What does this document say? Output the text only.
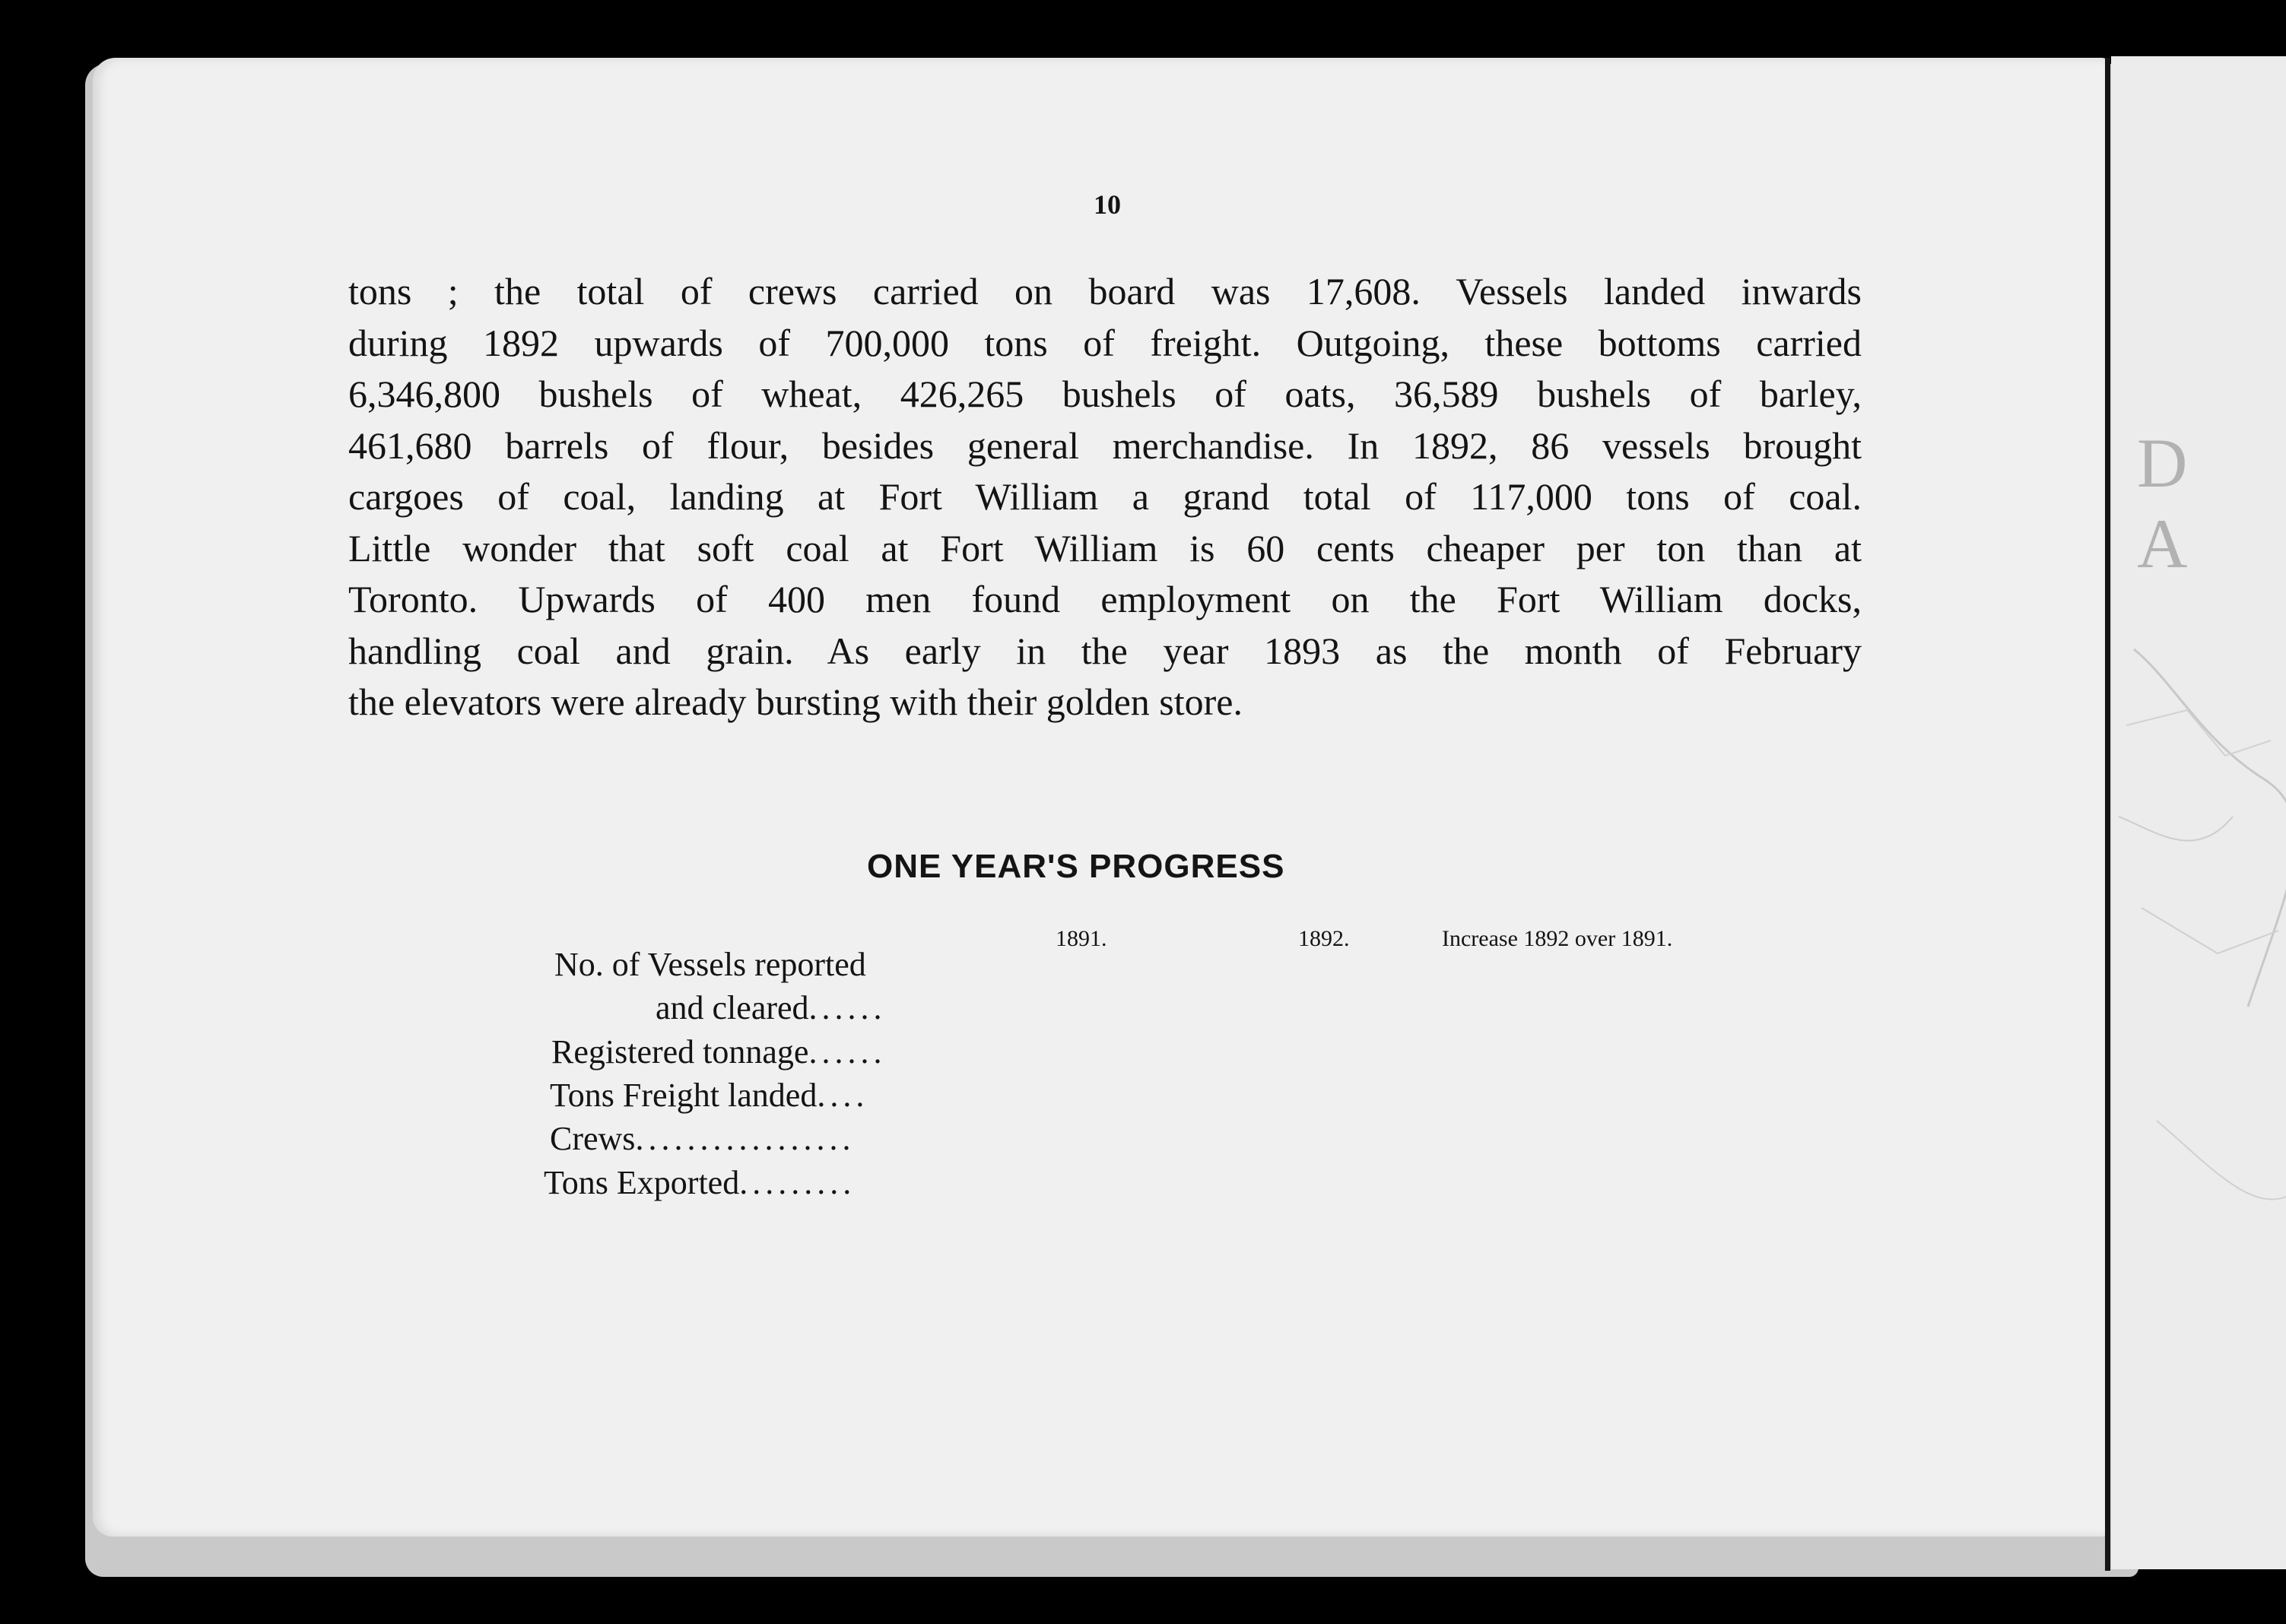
D A
10
tons ; the total of crews carried on board was 17,608. Vessels landed inwards
during 1892 upwards of 700,000 tons of freight. Outgoing, these bottoms carried
6,346,800 bushels of wheat, 426,265 bushels of oats, 36,589 bushels of barley,
461,680 barrels of flour, besides general merchandise. In 1892, 86 vessels brought
cargoes of coal, landing at Fort William a grand total of 117,000 tons of coal.
Little wonder that soft coal at Fort William is 60 cents cheaper per ton than at
Toronto. Upwards of 400 men found employment on the Fort William docks,
handling coal and grain. As early in the year 1893 as the month of February
the elevators were already bursting with their golden store.
ONE YEAR'S PROGRESS
1891.	1892.	Increase 1892 over 1891.
No. of Vessels reported
and cleared ......
Registered tonnage ......
Tons Freight landed ....
Crews .................
Tons Exported .........
